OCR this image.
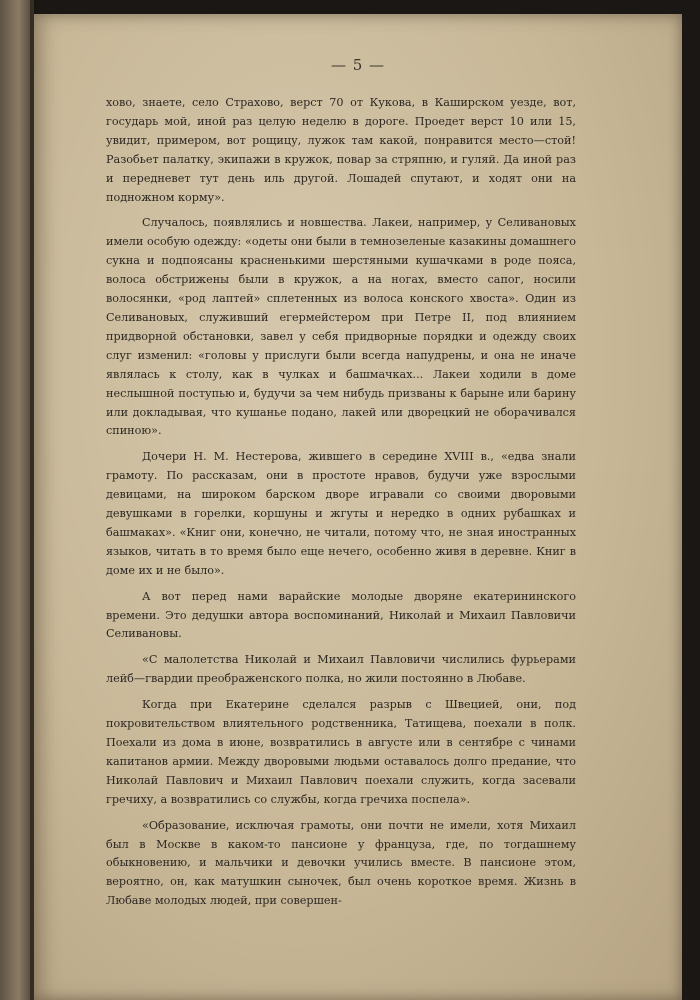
— 5 —

хово, знаете, село Страхово, верст 70 от Кукова, в Каширском уезде, вот, государь мой, иной раз целую неделю в дороге. Проедет верст 10 или 15, увидит, примером, вот рощицу, лужок там какой, понравится место—стой! Разобьет палатку, экипажи в кружок, повар за стряпню, и гуляй. Да иной раз и передневет тут день иль другой. Лошадей спутают, и ходят они на подножном корму».

Случалось, появлялись и новшества. Лакеи, например, у Селивановых имели особую одежду: «одеты они были в темнозеленые казакины домашнего сукна и подпоясаны красненькими шерстяными кушачками в роде пояса, волоса обстрижены были в кружок, а на ногах, вместо сапог, носили волосянки, «род лаптей» сплетенных из волоса конского хвоста». Один из Селивановых, служивший егермейстером при Петре II, под влиянием придворной обстановки, завел у себя придворные порядки и одежду своих слуг изменил: «головы у прислуги были всегда напудрены, и она не иначе являлась к столу, как в чулках и башмачках... Лакеи ходили в доме неслышной поступью и, будучи за чем нибудь призваны к барыне или барину или докладывая, что кушанье подано, лакей или дворецкий не оборачивался спиною».

Дочери Н. М. Нестерова, жившего в середине XVIII в., «едва знали грамоту. По рассказам, они в простоте нравов, будучи уже взрослыми девицами, на широком барском дворе игравали со своими дворовыми девушками в горелки, коршуны и жгуты и нередко в одних рубашках и башмаках». «Книг они, конечно, не читали, потому что, не зная иностранных языков, читать в то время было еще нечего, особенно живя в деревне. Книг в доме их и не было».

А вот перед нами варайские молодые дворяне екатерининского времени. Это дедушки автора воспоминаний, Николай и Михаил Павловичи Селивановы.

«С малолетства Николай и Михаил Павловичи числились фурьерами лейб—гвардии преображенского полка, но жили постоянно в Любаве.

Когда при Екатерине сделался разрыв с Швецией, они, под покровительством влиятельного родственника, Татищева, поехали в полк. Поехали из дома в июне, возвратились в августе или в сентябре с чинами капитанов армии. Между дворовыми людьми оставалось долго предание, что Николай Павлович и Михаил Павлович поехали служить, когда засевали гречиху, а возвратились со службы, когда гречиха поспела».

«Образование, исключая грамоты, они почти не имели, хотя Михаил был в Москве в каком-то пансионе у француза, где, по тогдашнему обыкновению, и мальчики и девочки учились вместе. В пансионе этом, вероятно, он, как матушкин сыночек, был очень короткое время. Жизнь в Любаве молодых людей, при совершен-
